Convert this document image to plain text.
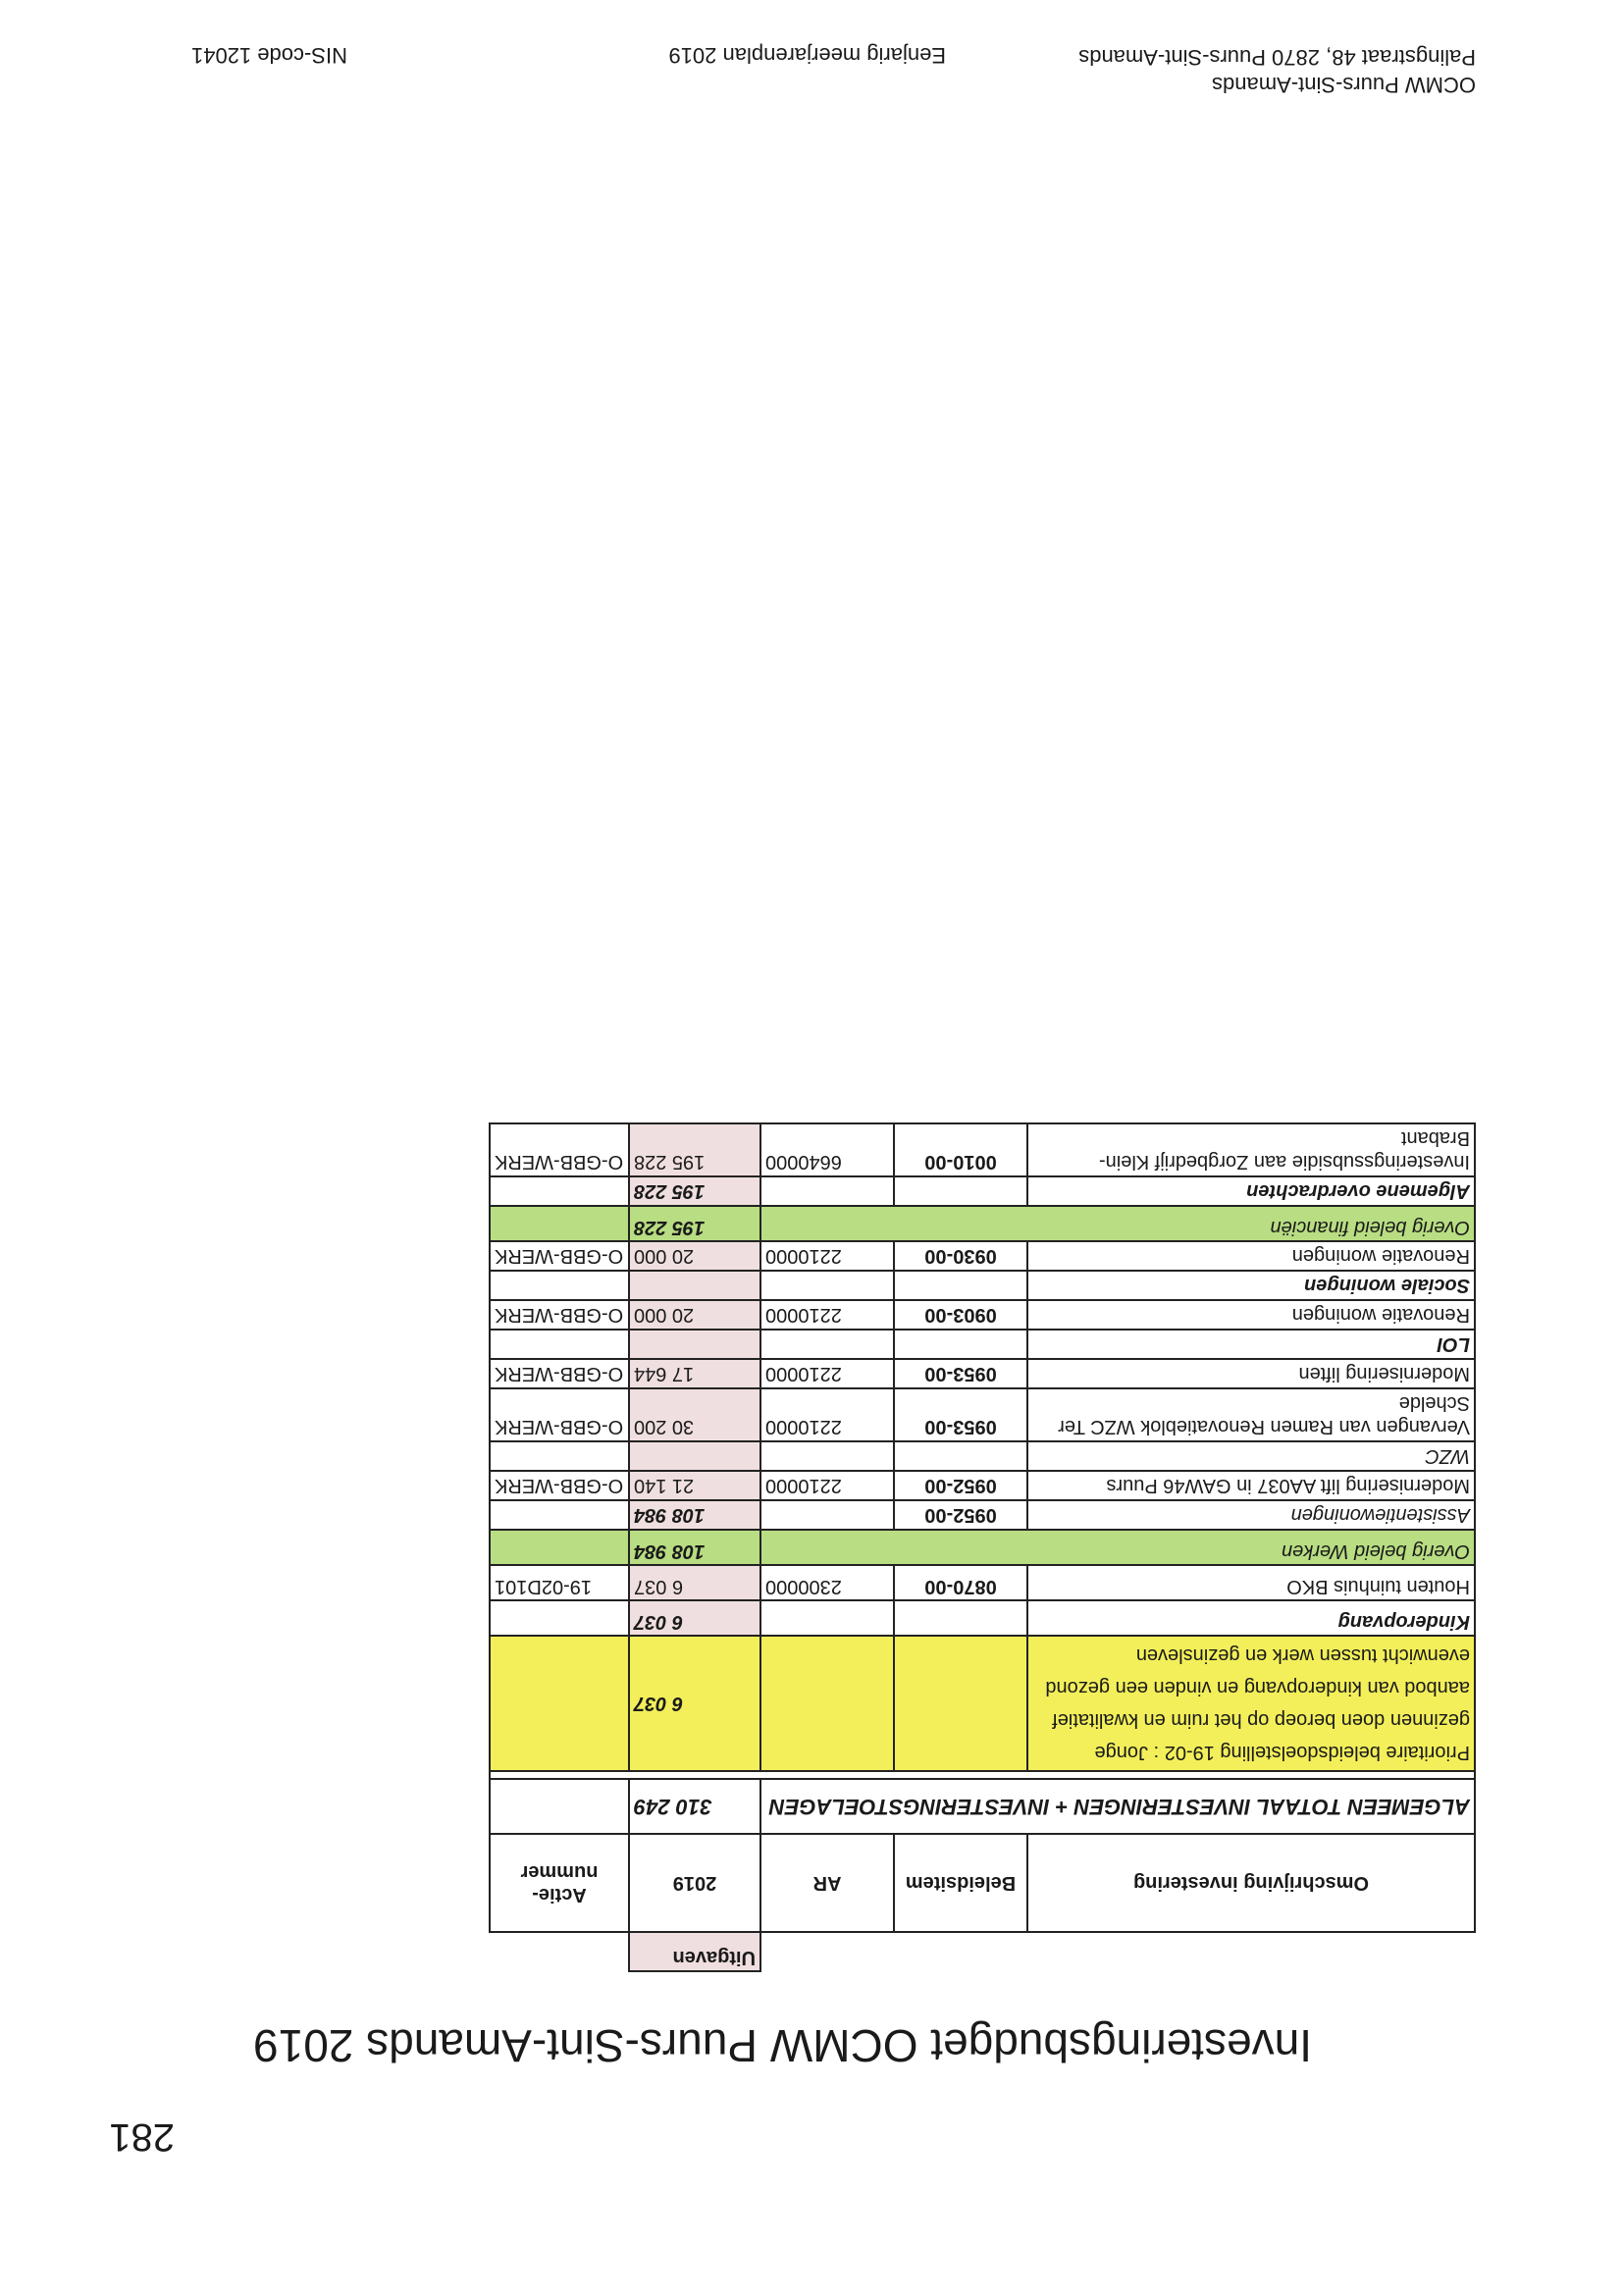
281
Investeringsbudget OCMW Puurs-Sint-Amands 2019
			Uitgaven	
Omschrijving investering	Beleidsitem	AR	2019	Actie-nummer
ALGEMEEN TOTAAL INVESTERINGEN + INVESTERINGSTOELAGEN			310 249	

Prioritaire beleidsdoelstelling 19-02 : Jonge gezinnen doen beroep op het ruim en kwalitatief aanbod van kinderopvang en vinden een gezond evenwicht tussen werk en gezinsleven			6 037	
Kinderopvang			6 037	
Houten tuinhuis BKO	0870-00	2300000	6 037	19-02D101
Overig beleid Werken			108 984	
Assistentiewoningen	0952-00		108 984	
Modernisering lift AA037 in GAW46 Puurs	0952-00	2210000	21 140	O-GBB-WERK
WZC				
Vervangen van Ramen Renovatieblok WZC Ter Schelde	0953-00	2210000	30 200	O-GBB-WERK
Modernisering liften	0953-00	2210000	17 644	O-GBB-WERK
LOI				
Renovatie woningen	0903-00	2210000	20 000	O-GBB-WERK
Sociale woningen				
Renovatie woningen	0930-00	2210000	20 000	O-GBB-WERK
Overig beleid financiën			195 228	
Algemene overdrachten			195 228	
Investeringssubsidie aan Zorgbedrijf Klein-Brabant	0010-00	6640000	195 228	O-GBB-WERK
OCMW Puurs-Sint-Amands
Palingstraat 48, 2870 Puurs-Sint-Amands
Eenjarig meerjarenplan 2019
NIS-code 12041
